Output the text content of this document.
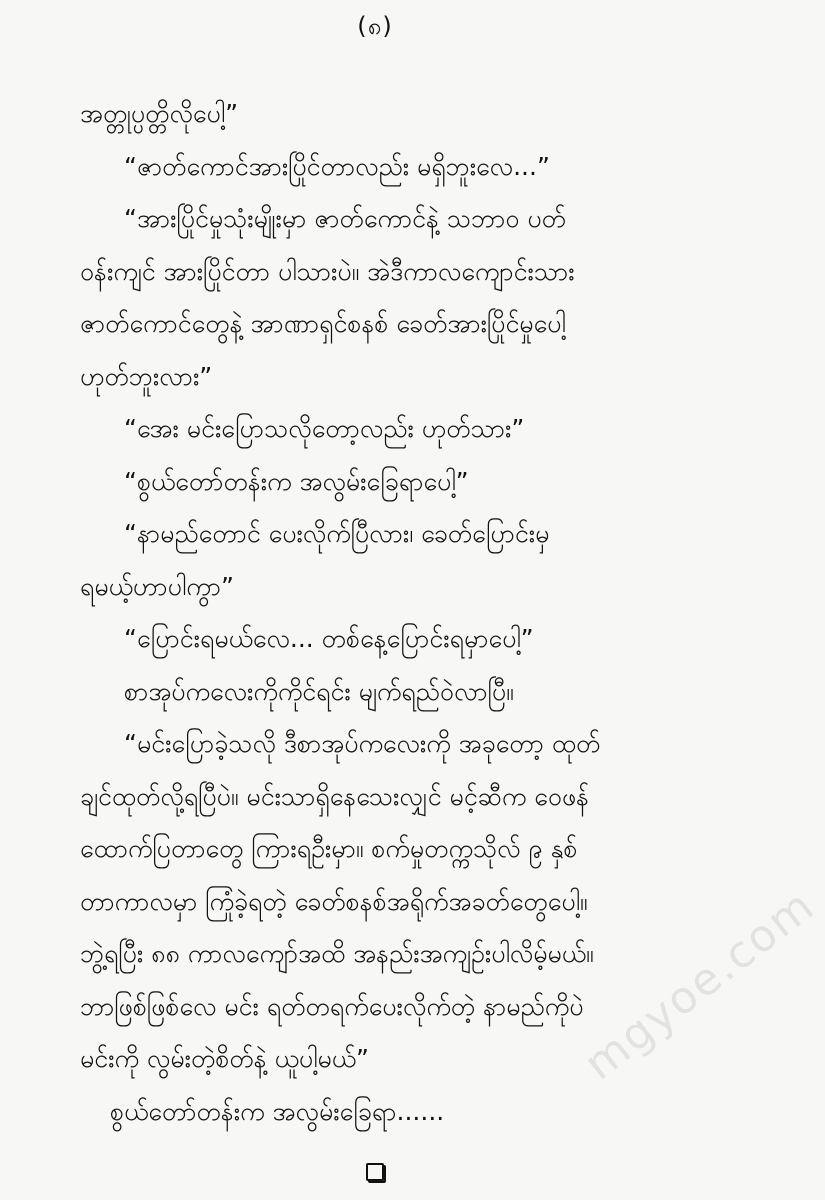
(၈)
အတ္တုပ္ပတ္တိလိုပေါ့”
“ဇာတ်ကောင်အားပြိုင်တာလည်း မရှိဘူးလေ...”
“အားပြိုင်မှုသုံးမျိုးမှာ ဇာတ်ကောင်နဲ့ သဘာဝ ပတ်
ဝန်းကျင် အားပြိုင်တာ ပါသားပဲ။ အဲဒီကာလကျောင်းသား
ဇာတ်ကောင်တွေနဲ့ အာဏာရှင်စနစ် ခေတ်အားပြိုင်မှုပေါ့
ဟုတ်ဘူးလား”
“အေး မင်းပြောသလိုတော့လည်း ဟုတ်သား”
“စွယ်တော်တန်းက အလွမ်းခြေရာပေါ့”
“နာမည်တောင် ပေးလိုက်ပြီလား၊ ခေတ်ပြောင်းမှ
ရမယ့်ဟာပါကွာ”
“ပြောင်းရမယ်လေ... တစ်နေ့ပြောင်းရမှာပေါ့”
စာအုပ်ကလေးကိုကိုင်ရင်း မျက်ရည်ဝဲလာပြီ။
“မင်းပြောခဲ့သလို ဒီစာအုပ်ကလေးကို အခုတော့ ထုတ်
ချင်ထုတ်လို့ရပြီပဲ။ မင်းသာရှိနေသေးလျှင် မင့်ဆီက ဝေဖန်
ထောက်ပြတာတွေ ကြားရဦးမှာ။ စက်မှုတက္ကသိုလ် ၉ နှစ်
တာကာလမှာ ကြုံခဲ့ရတဲ့ ခေတ်စနစ်အရိုက်အခတ်တွေပေါ့။
ဘွဲ့ရပြီး ၈၈ ကာလကျော်အထိ အနည်းအကျဉ်းပါလိမ့်မယ်။
ဘာဖြစ်ဖြစ်လေ မင်း ရတ်တရက်ပေးလိုက်တဲ့ နာမည်ကိုပဲ
မင်းကို လွမ်းတဲ့စိတ်နဲ့ ယူပါ့မယ်”
စွယ်တော်တန်းက အလွမ်းခြေရာ......
mgyoe.com
